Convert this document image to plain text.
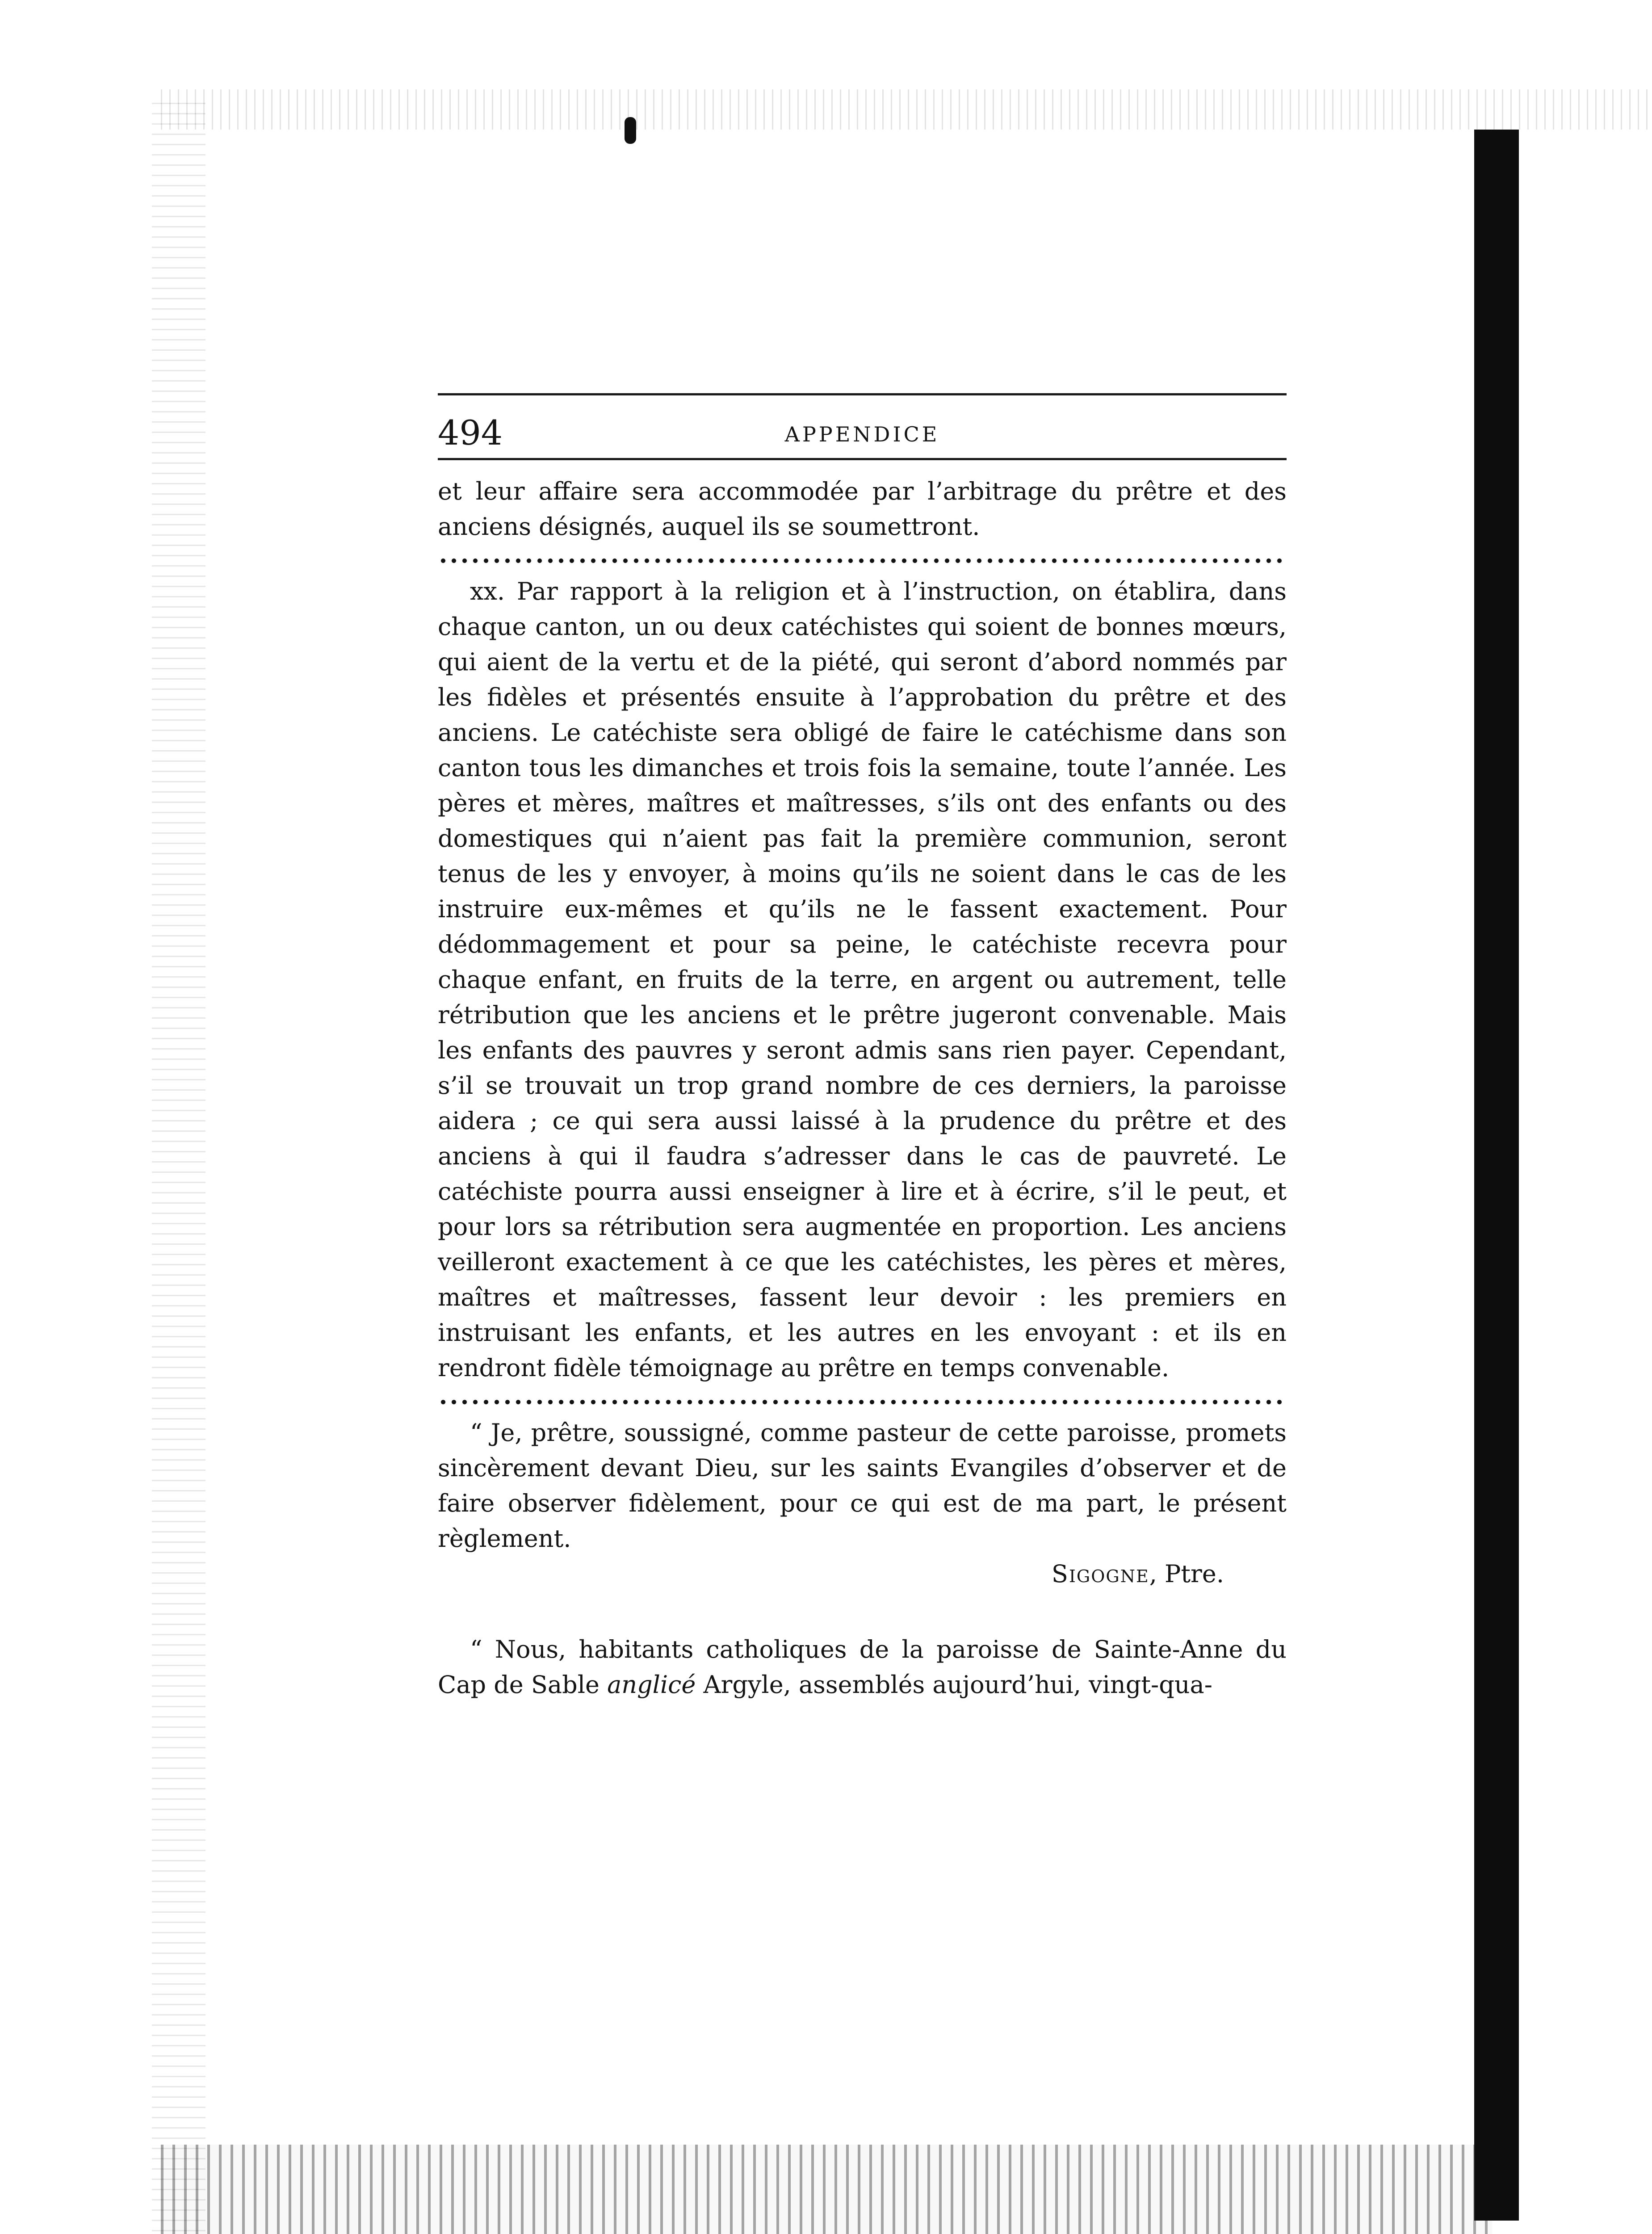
494	APPENDICE

et leur affaire sera accommodée par l’arbitrage du prêtre et des anciens désignés, auquel ils se soumettront.

xx. Par rapport à la religion et à l’instruction, on établira, dans chaque canton, un ou deux catéchistes qui soient de bonnes mœurs, qui aient de la vertu et de la piété, qui seront d’abord nommés par les fidèles et présentés ensuite à l’approbation du prêtre et des anciens. Le catéchiste sera obligé de faire le catéchisme dans son canton tous les dimanches et trois fois la semaine, toute l’année. Les pères et mères, maîtres et maîtresses, s’ils ont des enfants ou des domestiques qui n’aient pas fait la première communion, seront tenus de les y envoyer, à moins qu’ils ne soient dans le cas de les instruire eux-mêmes et qu’ils ne le fassent exactement. Pour dédommagement et pour sa peine, le catéchiste recevra pour chaque enfant, en fruits de la terre, en argent ou autrement, telle rétribution que les anciens et le prêtre jugeront convenable. Mais les enfants des pauvres y seront admis sans rien payer. Cependant, s’il se trouvait un trop grand nombre de ces derniers, la paroisse aidera ; ce qui sera aussi laissé à la prudence du prêtre et des anciens à qui il faudra s’adresser dans le cas de pauvreté. Le catéchiste pourra aussi enseigner à lire et à écrire, s’il le peut, et pour lors sa rétribution sera augmentée en proportion. Les anciens veilleront exactement à ce que les catéchistes, les pères et mères, maîtres et maîtresses, fassent leur devoir : les premiers en instruisant les enfants, et les autres en les envoyant : et ils en rendront fidèle témoignage au prêtre en temps convenable.

“ Je, prêtre, soussigné, comme pasteur de cette paroisse, promets sincèrement devant Dieu, sur les saints Evangiles d’observer et de faire observer fidèlement, pour ce qui est de ma part, le présent règlement.

Sigogne, Ptre.

“ Nous, habitants catholiques de la paroisse de Sainte-Anne du Cap de Sable anglicé Argyle, assemblés aujourd’hui, vingt-qua-
